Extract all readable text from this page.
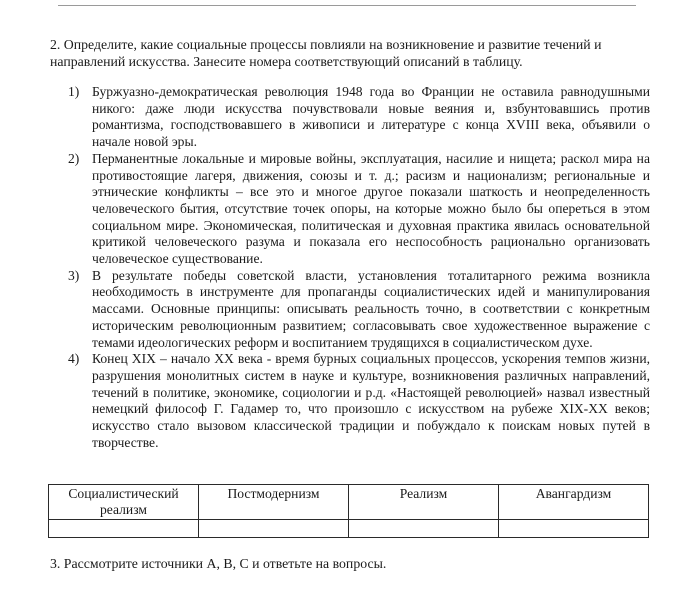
2. Определите, какие социальные процессы повлияли на возникновение и развитие течений и направлений искусства. Занесите номера соответствующий описаний в таблицу.
1) Буржуазно-демократическая революция 1948 года во Франции не оставила равнодушными никого: даже люди искусства почувствовали новые веяния и, взбунтовавшись против романтизма, господствовавшего в живописи и литературе с конца XVIII века, объявили о начале новой эры.
2) Перманентные локальные и мировые войны, эксплуатация, насилие и нищета; раскол мира на противостоящие лагеря, движения, союзы и т. д.; расизм и национализм; региональные и этнические конфликты – все это и многое другое показали шаткость и неопределенность человеческого бытия, отсутствие точек опоры, на которые можно было бы опереться в этом социальном мире. Экономическая, политическая и духовная практика явилась основательной критикой человеческого разума и показала его неспособность рационально организовать человеческое существование.
3) В результате победы советской власти, установления тоталитарного режима возникла необходимость в инструменте для пропаганды социалистических идей и манипулирования массами. Основные принципы: описывать реальность точно, в соответствии с конкретным историческим революционным развитием; согласовывать свое художественное выражение с темами идеологических реформ и воспитанием трудящихся в социалистическом духе.
4) Конец XIX – начало XX века - время бурных социальных процессов, ускорения темпов жизни, разрушения монолитных систем в науке и культуре, возникновения различных направлений, течений в политике, экономике, социологии и р.д. «Настоящей революцией» назвал известный немецкий философ Г. Гадамер то, что произошло с искусством на рубеже XIX-XX веков; искусство стало вызовом классической традиции и побуждало к поискам новых путей в творчестве.
Социалистический реализм	Постмодернизм	Реализм	Авангардизм

3. Рассмотрите источники А, В, С и ответьте на вопросы.
